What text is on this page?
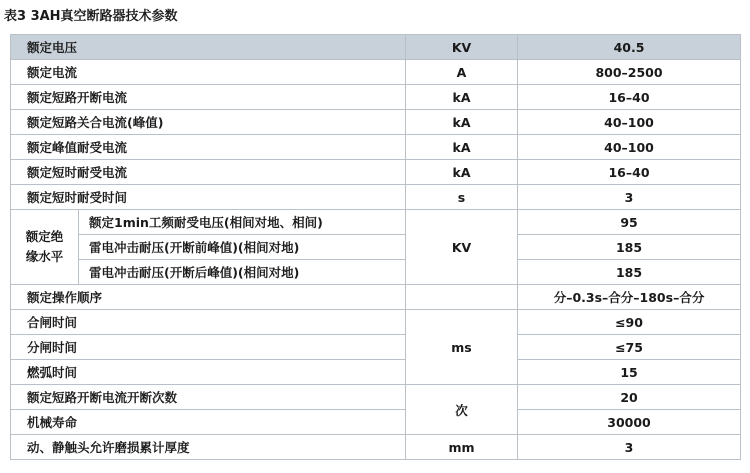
表3 3AH真空断路器技术参数
额定电压		KV	40.5
额定电流		A	800–2500
额定短路开断电流		kA	16–40
额定短路关合电流(峰值)		kA	40–100
额定峰值耐受电流		kA	40–100
额定短时耐受电流		kA	16–40
额定短时耐受时间		s	3
额定绝
缘水平	额定1min工频耐受电压(相间对地、相间)	KV	95
	雷电冲击耐压(开断前峰值)(相间对地)		185
	雷电冲击耐压(开断后峰值)(相间对地)		185
额定操作顺序			分–0.3s–合分–180s–合分
合闸时间		ms	≤90
分闸时间			≤75
燃弧时间			15
额定短路开断电流开断次数		次	20
机械寿命			30000
动、静触头允许磨损累计厚度		mm	3
